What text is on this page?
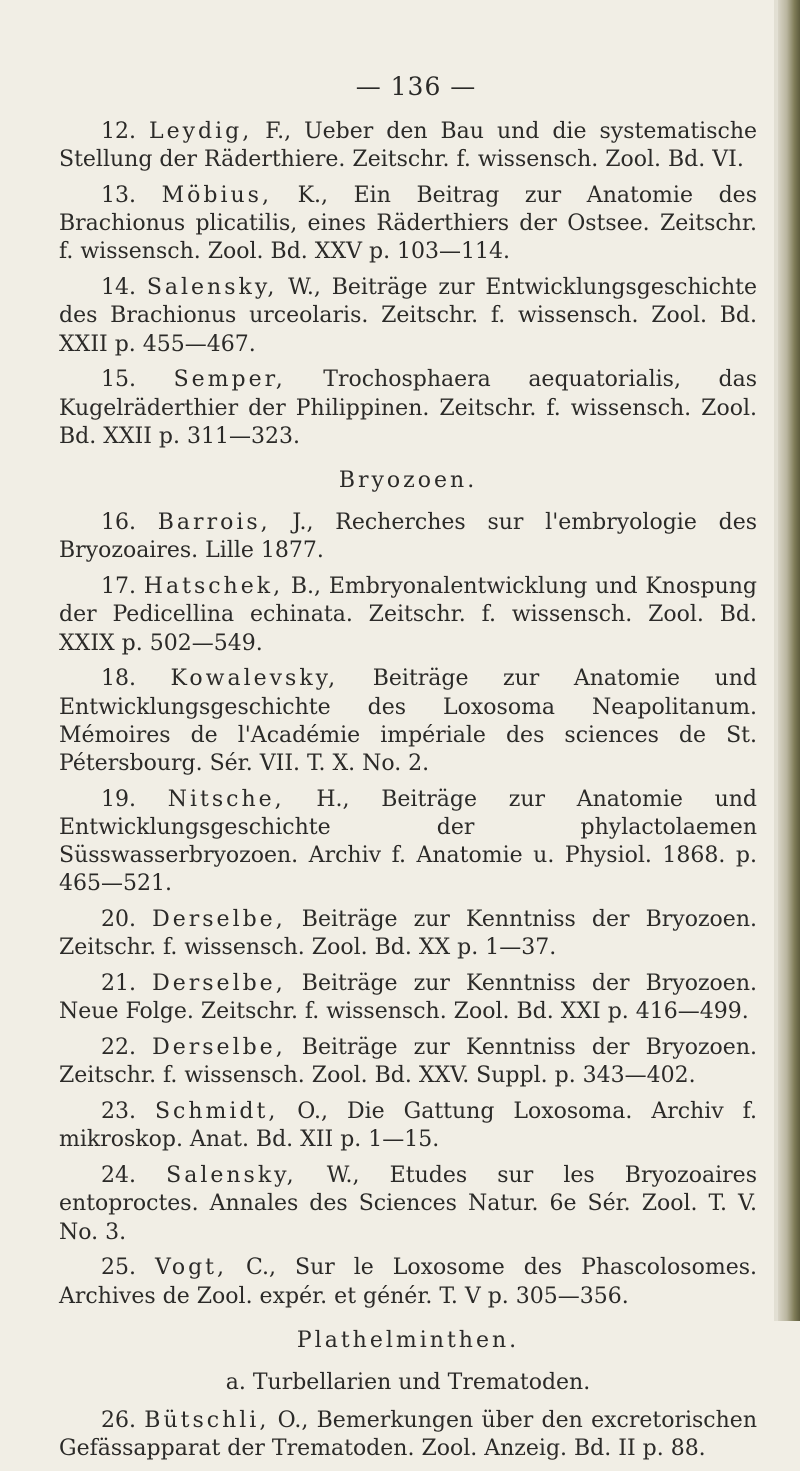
— 136 —

12. Leydig, F., Ueber den Bau und die systematische Stellung der Räderthiere. Zeitschr. f. wissensch. Zool. Bd. VI.

13. Möbius, K., Ein Beitrag zur Anatomie des Brachionus plicatilis, eines Räderthiers der Ostsee. Zeitschr. f. wissensch. Zool. Bd. XXV p. 103—114.

14. Salensky, W., Beiträge zur Entwicklungsgeschichte des Brachionus urceolaris. Zeitschr. f. wissensch. Zool. Bd. XXII p. 455—467.

15. Semper, Trochosphaera aequatorialis, das Kugelräderthier der Philippinen. Zeitschr. f. wissensch. Zool. Bd. XXII p. 311—323.

Bryozoen.

16. Barrois, J., Recherches sur l'embryologie des Bryozoaires. Lille 1877.

17. Hatschek, B., Embryonalentwicklung und Knospung der Pedicellina echinata. Zeitschr. f. wissensch. Zool. Bd. XXIX p. 502—549.

18. Kowalevsky, Beiträge zur Anatomie und Entwicklungsgeschichte des Loxosoma Neapolitanum. Mémoires de l'Académie impériale des sciences de St. Pétersbourg. Sér. VII. T. X. No. 2.

19. Nitsche, H., Beiträge zur Anatomie und Entwicklungsgeschichte der phylactolaemen Süsswasserbryozoen. Archiv f. Anatomie u. Physiol. 1868. p. 465—521.

20. Derselbe, Beiträge zur Kenntniss der Bryozoen. Zeitschr. f. wissensch. Zool. Bd. XX p. 1—37.

21. Derselbe, Beiträge zur Kenntniss der Bryozoen. Neue Folge. Zeitschr. f. wissensch. Zool. Bd. XXI p. 416—499.

22. Derselbe, Beiträge zur Kenntniss der Bryozoen. Zeitschr. f. wissensch. Zool. Bd. XXV. Suppl. p. 343—402.

23. Schmidt, O., Die Gattung Loxosoma. Archiv f. mikroskop. Anat. Bd. XII p. 1—15.

24. Salensky, W., Etudes sur les Bryozoaires entoproctes. Annales des Sciences Natur. 6e Sér. Zool. T. V. No. 3.

25. Vogt, C., Sur le Loxosome des Phascolosomes. Archives de Zool. expér. et génér. T. V p. 305—356.

Plathelminthen.
a. Turbellarien und Trematoden.

26. Bütschli, O., Bemerkungen über den excretorischen Gefässapparat der Trematoden. Zool. Anzeig. Bd. II p. 88.
